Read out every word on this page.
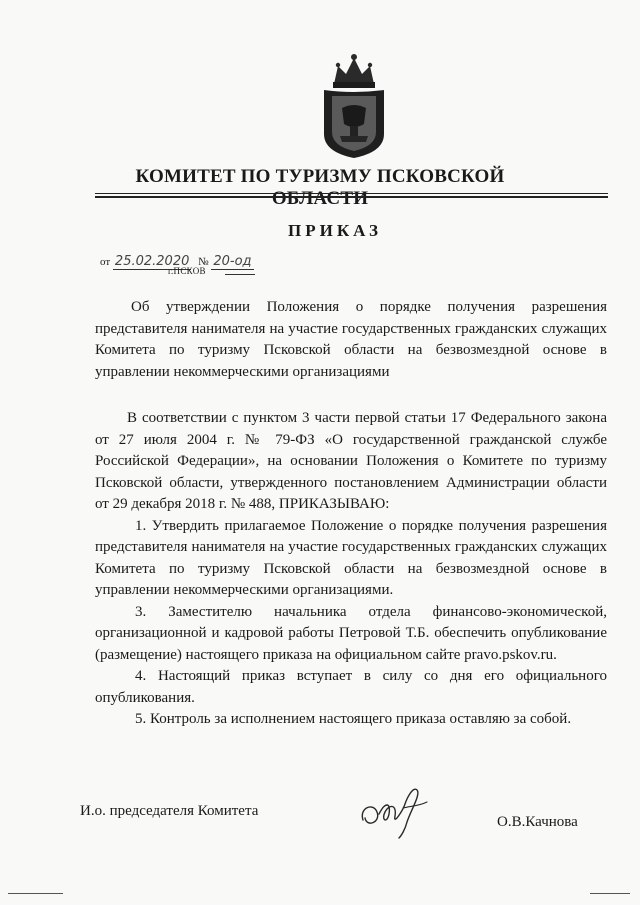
КОМИТЕТ ПО ТУРИЗМУ ПСКОВСКОЙ ОБЛАСТИ
ПРИКАЗ
от 25.02.2020 № 20-од
г.ПСКОВ

Об утверждении Положения о порядке получения разрешения представителя нанимателя на участие государственных гражданских служащих Комитета по туризму Псковской области на безвозмездной основе в управлении некоммерческими организациями

В соответствии с пунктом 3 части первой статьи 17 Федерального закона от 27 июля 2004 г. № 79-ФЗ «О государственной гражданской службе Российской Федерации», на основании Положения о Комитете по туризму Псковской области, утвержденного постановлением Администрации области от 29 декабря 2018 г. № 488, ПРИКАЗЫВАЮ:

1. Утвердить прилагаемое Положение о порядке получения разрешения представителя нанимателя на участие государственных гражданских служащих Комитета по туризму Псковской области на безвозмездной основе в управлении некоммерческими организациями.

3. Заместителю начальника отдела финансово-экономической, организационной и кадровой работы Петровой Т.Б. обеспечить опубликование (размещение) настоящего приказа на официальном сайте pravo.pskov.ru.

4. Настоящий приказ вступает в силу со дня его официального опубликования.

5. Контроль за исполнением настоящего приказа оставляю за собой.

И.о. председателя Комитета
О.В.Качнова
